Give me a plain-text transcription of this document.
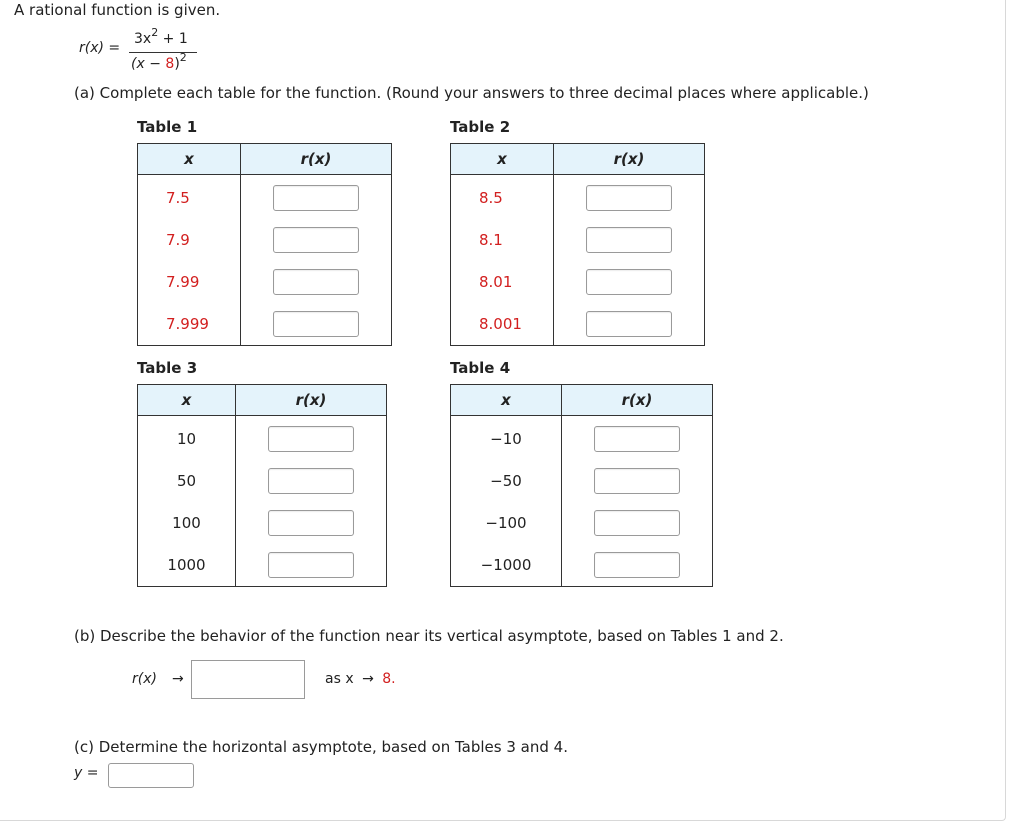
A rational function is given.
r(x) =
$3x^2 + 1$
$(x - 8)^2$
(a) Complete each table for the function. (Round your answers to three decimal places where applicable.)
Table 1	Table 2
Table 3	Table 4
x	r(x)
7.5	
7.9	
7.99	
7.999	
x	r(x)
8.5	
8.1	
8.01	
8.001	
x	r(x)
10	
50	
100	
1000	
x	r(x)
−10	
−50	
−100	
−1000	
(b) Describe the behavior of the function near its vertical asymptote, based on Tables 1 and 2.
r(x) →	as x → 8.
(c) Determine the horizontal asymptote, based on Tables 3 and 4.
y =
